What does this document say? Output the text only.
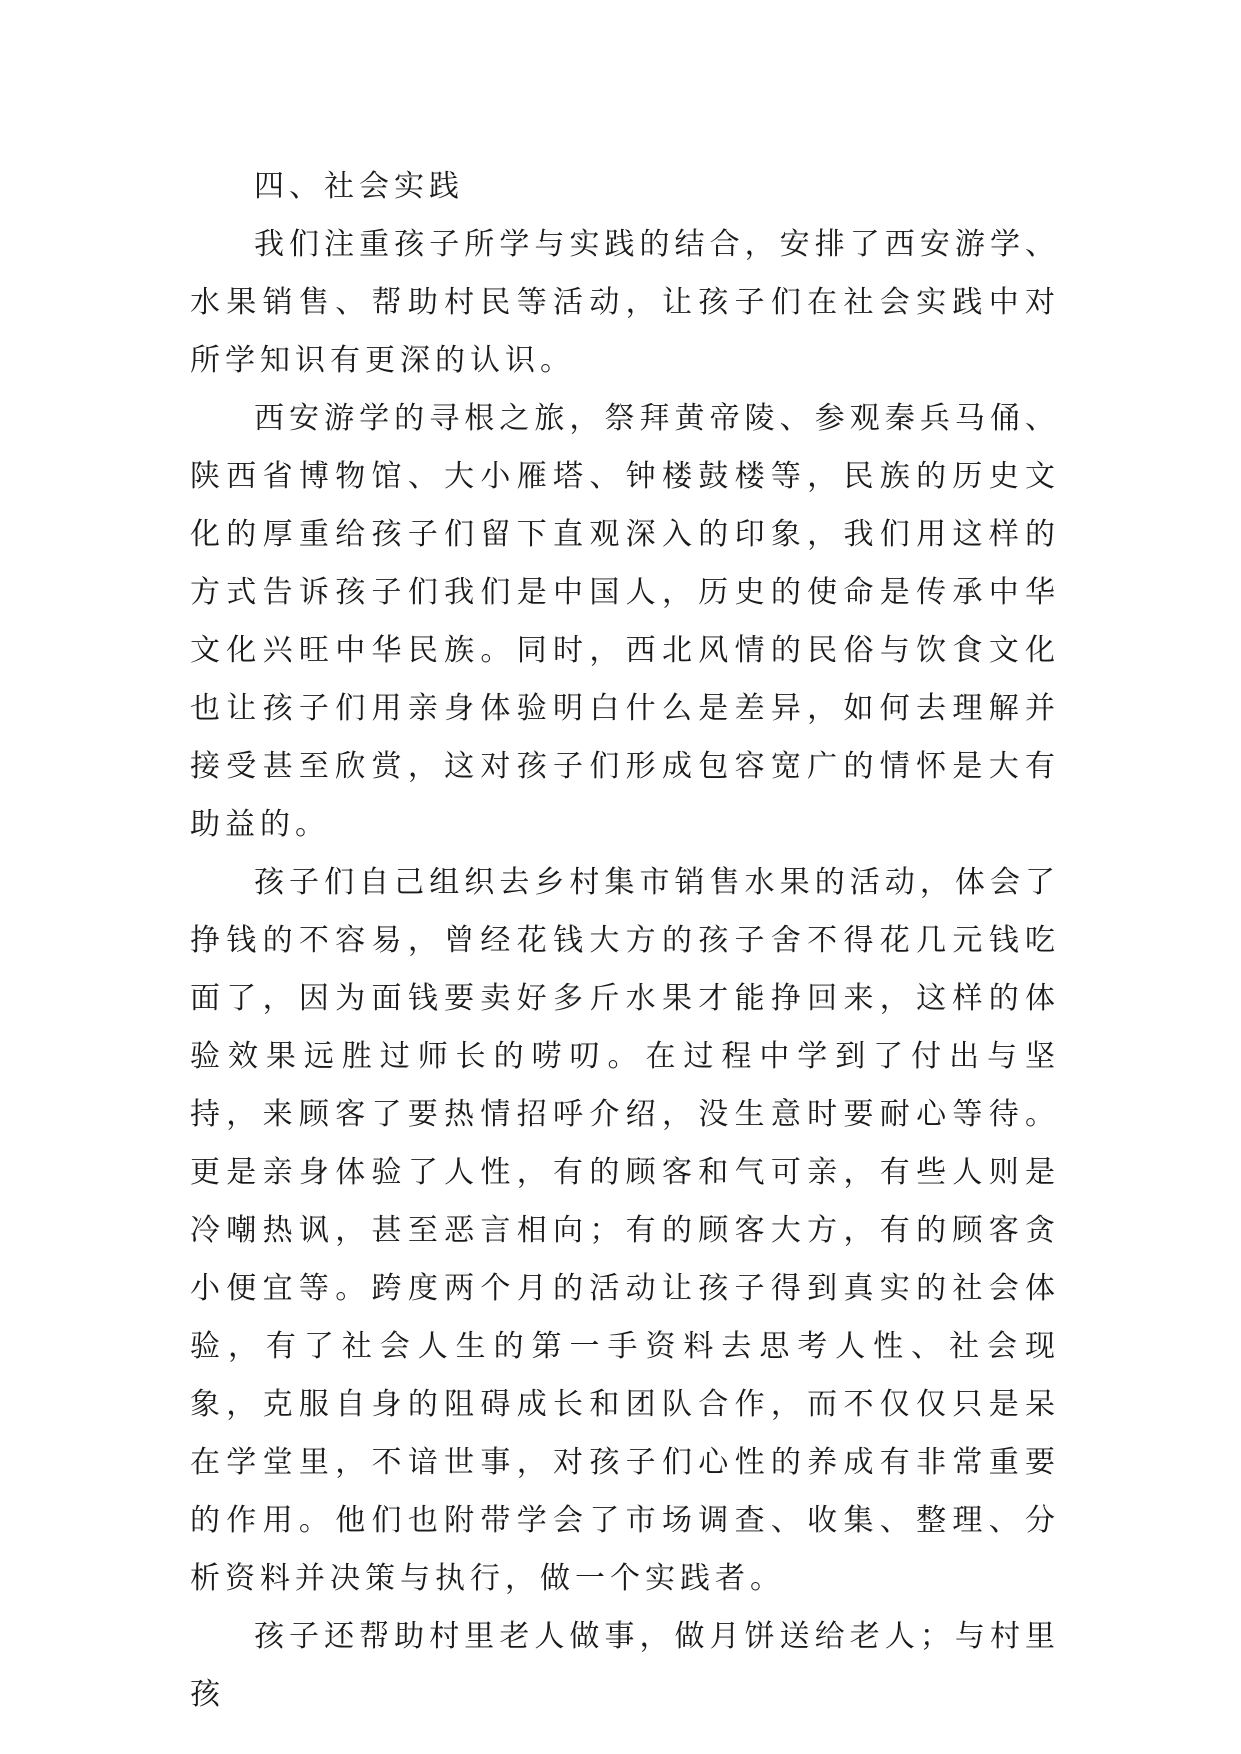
四、社会实践

我们注重孩子所学与实践的结合，安排了西安游学、水果销售、帮助村民等活动，让孩子们在社会实践中对所学知识有更深的认识。

西安游学的寻根之旅，祭拜黄帝陵、参观秦兵马俑、陕西省博物馆、大小雁塔、钟楼鼓楼等，民族的历史文化的厚重给孩子们留下直观深入的印象，我们用这样的方式告诉孩子们我们是中国人，历史的使命是传承中华文化兴旺中华民族。同时，西北风情的民俗与饮食文化也让孩子们用亲身体验明白什么是差异，如何去理解并接受甚至欣赏，这对孩子们形成包容宽广的情怀是大有助益的。

孩子们自己组织去乡村集市销售水果的活动，体会了挣钱的不容易，曾经花钱大方的孩子舍不得花几元钱吃面了，因为面钱要卖好多斤水果才能挣回来，这样的体验效果远胜过师长的唠叨。在过程中学到了付出与坚持，来顾客了要热情招呼介绍，没生意时要耐心等待。更是亲身体验了人性，有的顾客和气可亲，有些人则是冷嘲热讽，甚至恶言相向；有的顾客大方，有的顾客贪小便宜等。跨度两个月的活动让孩子得到真实的社会体验，有了社会人生的第一手资料去思考人性、社会现象，克服自身的阻碍成长和团队合作，而不仅仅只是呆在学堂里，不谙世事，对孩子们心性的养成有非常重要的作用。他们也附带学会了市场调查、收集、整理、分析资料并决策与执行，做一个实践者。

孩子还帮助村里老人做事，做月饼送给老人；与村里孩
